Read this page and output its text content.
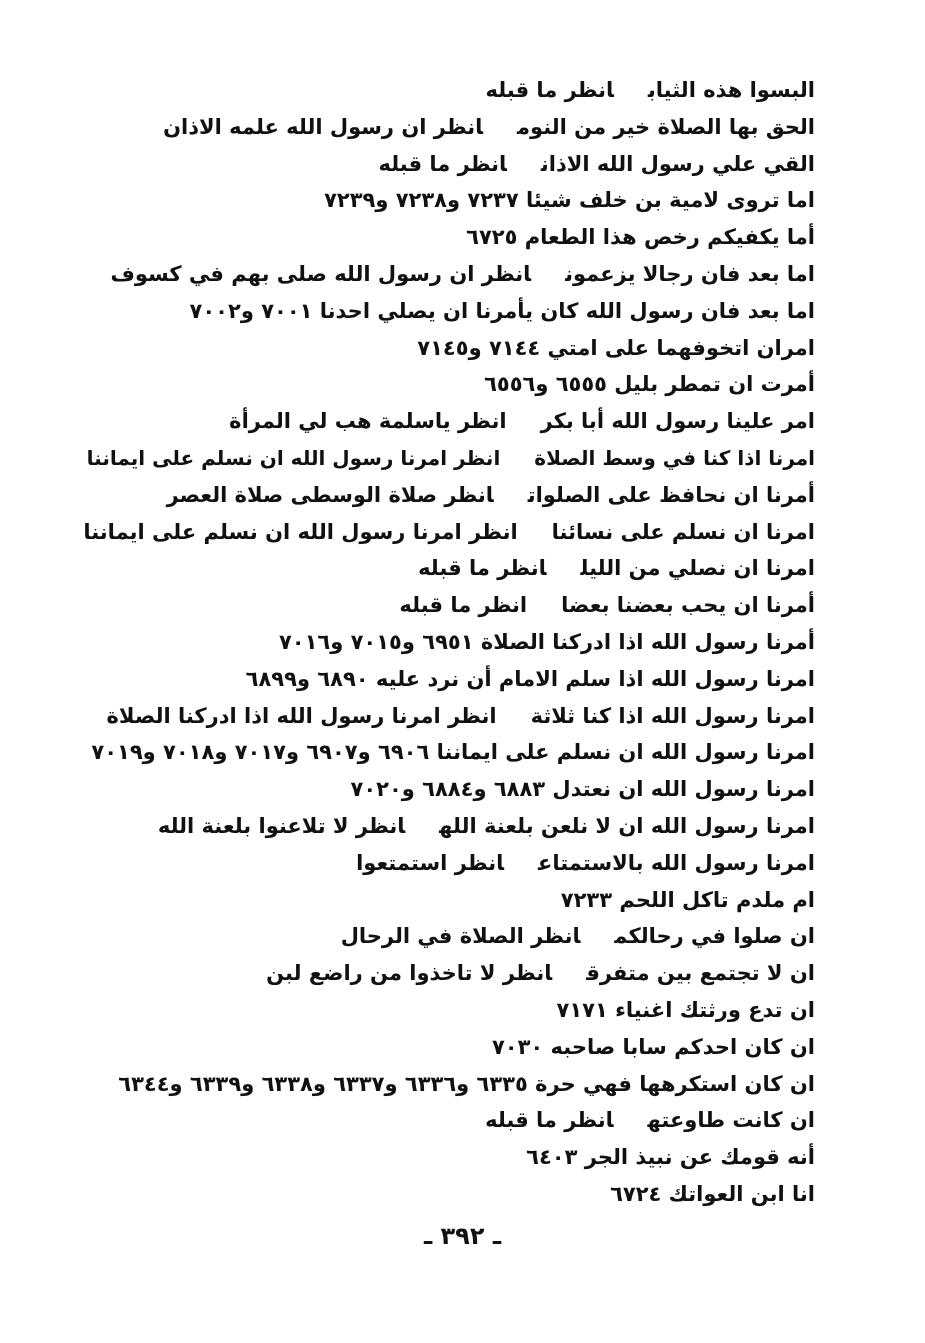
البسوا هذه الثيابانظر ما قبله
الحق بها الصلاة خير من النومانظر ان رسول الله علمه الاذان
القي علي رسول الله الاذانانظر ما قبله
اما تروى لامية بن خلف شيئا ٧٢٣٧ و٧٢٣٨ و٧٢٣٩
أما يكفيكم رخص هذا الطعام ٦٧٢٥
اما بعد فان رجالا يزعمونانظر ان رسول الله صلى بهم في كسوف
اما بعد فان رسول الله كان يأمرنا ان يصلي احدنا ٧٠٠١ و٧٠٠٢
امران اتخوفهما على امتي ٧١٤٤ و٧١٤٥
أمرت ان تمطر بليل ٦٥٥٥ و٦٥٥٦
امر علينا رسول الله أبا بكرانظر ياسلمة هب لي المرأة
امرنا اذا كنا في وسط الصلاةانظر امرنا رسول الله ان نسلم على ايماننا
أمرنا ان نحافظ على الصلواتانظر صلاة الوسطى صلاة العصر
امرنا ان نسلم على نسائناانظر امرنا رسول الله ان نسلم على ايماننا
امرنا ان نصلي من الليلانظر ما قبله
أمرنا ان يحب بعضنا بعضاانظر ما قبله
أمرنا رسول الله اذا ادركنا الصلاة ٦٩٥١ و٧٠١٥ و٧٠١٦
امرنا رسول الله اذا سلم الامام أن نرد عليه ٦٨٩٠ و٦٨٩٩
امرنا رسول الله اذا كنا ثلاثةانظر امرنا رسول الله اذا ادركنا الصلاة
امرنا رسول الله ان نسلم على ايماننا ٦٩٠٦ و٦٩٠٧ و٧٠١٧ و٧٠١٨ و٧٠١٩
امرنا رسول الله ان نعتدل ٦٨٨٣ و٦٨٨٤ و٧٠٢٠
امرنا رسول الله ان لا نلعن بلعنة اللهانظر لا تلاعنوا بلعنة الله
امرنا رسول الله بالاستمتاعانظر استمتعوا
ام ملدم تاكل اللحم ٧٢٣٣
ان صلوا في رحالكمانظر الصلاة في الرحال
ان لا تجتمع بين متفرقانظر لا تاخذوا من راضع لبن
ان تدع ورثتك اغنياء ٧١٧١
ان كان احدكم سابا صاحبه ٧٠٣٠
ان كان استكرهها فهي حرة ٦٣٣٥ و٦٣٣٦ و٦٣٣٧ و٦٣٣٨ و٦٣٣٩ و٦٣٤٤
ان كانت طاوعتهانظر ما قبله
أنه قومك عن نبيذ الجر ٦٤٠٣
انا ابن العواتك ٦٧٢٤
ـ ٣٩٢ ـ
